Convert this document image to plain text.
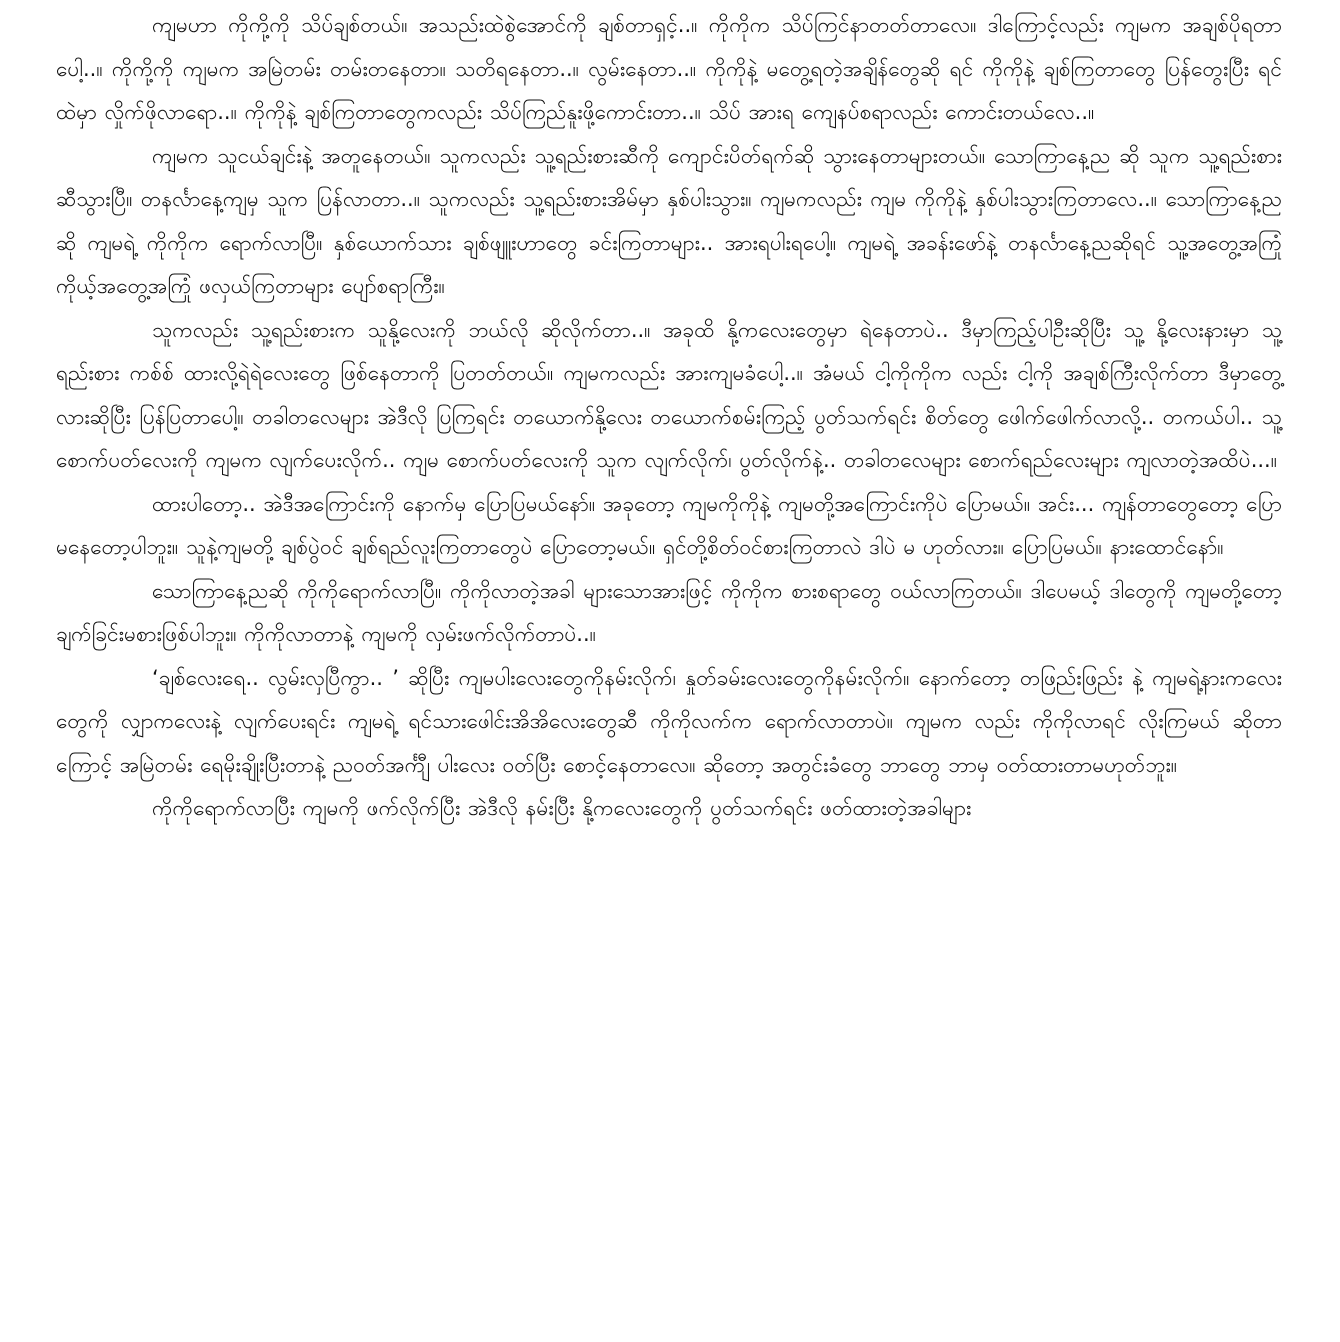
ကျမဟာ ကိုကို့ကို သိပ်ချစ်တယ်။ အသည်းထဲစွဲအောင်ကို ချစ်တာရှင့်..။ ကိုကိုက သိပ်ကြင်နာတတ်တာလေ။ ဒါကြောင့်လည်း ကျမက အချစ်ပိုရတာပေါ့..။ ကိုကို့ကို ကျမက အမြဲတမ်း တမ်းတနေတာ။ သတိရနေတာ..။ လွမ်းနေတာ..။ ကိုကိုနဲ့ မတွေ့ရတဲ့အချိန်တွေဆို ရင် ကိုကိုနဲ့ ချစ်ကြတာတွေ ပြန်တွေးပြီး ရင်ထဲမှာ လှိုက်ဖိုလာရော..။ ကိုကိုနဲ့ ချစ်ကြတာတွေကလည်း သိပ်ကြည်နူးဖို့ကောင်းတာ..။ သိပ် အားရ ကျေနပ်စရာလည်း ကောင်းတယ်လေ..။

ကျမက သူငယ်ချင်းနဲ့ အတူနေတယ်။ သူကလည်း သူ့ရည်းစားဆီကို ကျောင်းပိတ်ရက်ဆို သွားနေတာများတယ်။ သောကြာနေ့ည ဆို သူက သူ့ရည်းစားဆီသွားပြီ။ တနင်္လာနေ့ကျမှ သူက ပြန်လာတာ..။ သူကလည်း သူ့ရည်းစားအိမ်မှာ နှစ်ပါးသွား။ ကျမကလည်း ကျမ ကိုကိုနဲ့ နှစ်ပါးသွားကြတာလေ..။ သောကြာနေ့ညဆို ကျမရဲ့ ကိုကိုက ရောက်လာပြီ။ နှစ်ယောက်သား ချစ်ဖျူးဟာတွေ ခင်းကြတာများ.. အားရပါးရပေါ့။ ကျမရဲ့ အခန်းဖော်နဲ့ တနင်္လာနေ့ညဆိုရင် သူ့အတွေ့အကြုံ ကိုယ့်အတွေ့အကြုံ ဖလှယ်ကြတာများ ပျော်စရာကြီး။

သူကလည်း သူ့ရည်းစားက သူနို့လေးကို ဘယ်လို ဆိုလိုက်တာ..။ အခုထိ နို့ကလေးတွေမှာ ရဲနေတာပဲ.. ဒီမှာကြည့်ပါဦးဆိုပြီး သူ့ နို့လေးနားမှာ သူ့ရည်းစား ကစ်စ် ထားလို့ရဲရဲလေးတွေ ဖြစ်နေတာကို ပြတတ်တယ်။ ကျမကလည်း အားကျမခံပေါ့..။ အံမယ် ငါ့ကိုကိုက လည်း ငါ့ကို အချစ်ကြီးလိုက်တာ ဒီမှာတွေ့လားဆိုပြီး ပြန်ပြတာပေါ့။ တခါတလေများ အဲဒီလို ပြကြရင်း တယောက်နို့လေး တယောက်စမ်းကြည့် ပွတ်သက်ရင်း စိတ်တွေ ဖေါက်ဖေါက်လာလို့.. တကယ်ပါ.. သူ့စောက်ပတ်လေးကို ကျမက လျက်ပေးလိုက်.. ကျမ စောက်ပတ်လေးကို သူက လျက်လိုက်၊ ပွတ်လိုက်နဲ့.. တခါတလေများ စောက်ရည်လေးများ ကျလာတဲ့အထိပဲ...။

ထားပါတော့.. အဲဒီအကြောင်းကို နောက်မှ ပြောပြမယ်နော်။ အခုတော့ ကျမကိုကိုနဲ့ ကျမတို့အကြောင်းကိုပဲ ပြောမယ်။ အင်း... ကျန်တာတွေတော့ ပြောမနေတော့ပါဘူး။ သူနဲ့ကျမတို့ ချစ်ပွဲဝင် ချစ်ရည်လူးကြတာတွေပဲ ပြောတော့မယ်။ ရှင်တို့စိတ်ဝင်စားကြတာလဲ ဒါပဲ မ ဟုတ်လား။ ပြောပြမယ်။ နားထောင်နော်။

သောကြာနေ့ညဆို ကိုကိုရောက်လာပြီ။ ကိုကိုလာတဲ့အခါ များသောအားဖြင့် ကိုကိုက စားစရာတွေ ဝယ်လာကြတယ်။ ဒါပေမယ့် ဒါတွေကို ကျမတို့တော့ ချက်ခြင်းမစားဖြစ်ပါဘူး။ ကိုကိုလာတာနဲ့ ကျမကို လှမ်းဖက်လိုက်တာပဲ..။

‘ချစ်လေးရေ.. လွမ်းလှပြီကွာ.. ’ ဆိုပြီး ကျမပါးလေးတွေကိုနမ်းလိုက်၊ နှုတ်ခမ်းလေးတွေကိုနမ်းလိုက်။ နောက်တော့ တဖြည်းဖြည်း နဲ့ ကျမရဲ့နားကလေးတွေကို လျှာကလေးနဲ့ လျက်ပေးရင်း ကျမရဲ့ ရင်သားဖေါင်းအိအိလေးတွေဆီ ကိုကိုလက်က ရောက်လာတာပဲ။ ကျမက လည်း ကိုကိုလာရင် လိုးကြမယ် ဆိုတာကြောင့် အမြဲတမ်း ရေမိုးချိုးပြီးတာနဲ့ ညဝတ်အင်္ကျီ ပါးလေး ဝတ်ပြီး စောင့်နေတာလေ။ ဆိုတော့ အတွင်းခံတွေ ဘာတွေ ဘာမှ ဝတ်ထားတာမဟုတ်ဘူး။

ကိုကိုရောက်လာပြီး ကျမကို ဖက်လိုက်ပြီး အဲဒီလို နမ်းပြီး နို့ကလေးတွေကို ပွတ်သက်ရင်း ဖတ်ထားတဲ့အခါများ
